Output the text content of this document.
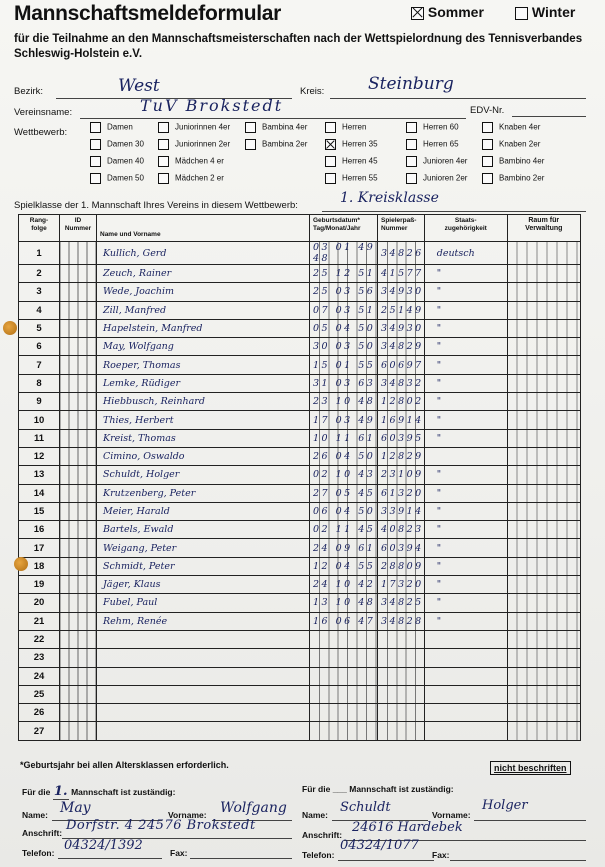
Mannschaftsmeldeformular	Sommer	Winter
für die Teilnahme an den Mannschaftsmeisterschaften nach der Wettspielordnung des Tennisverbandes Schleswig-Holstein e.V.
Bezirk:	West	Kreis:	Steinburg
Vereinsname:	TuV Brokstedt	EDV-Nr.
Wettbewerb:	Damen	Juniorinnen 4er	Bambina 4er	Herren	Herren 60	Knaben 4er
Damen 30	Juniorinnen 2er	Bambina 2er	Herren 35	Herren 65	Knaben 2er
Damen 40	Mädchen 4 er	Herren 45	Junioren 4er	Bambino 4er
Damen 50	Mädchen 2 er	Herren 55	Junioren 2er	Bambino 2er
Spielklasse der 1. Mannschaft Ihres Vereins in diesem Wettbewerb:	1. Kreisklasse
Rang-
folge	ID
Nummer	Name und Vorname	Geburtsdatum*
Tag/Monat/Jahr	Spielerpaß-
Nummer	Staats-
zugehörigkeit	Raum für
Verwaltung
1		Kullich, Gerd	03 01 49 48	34826	deutsch	
2		Zeuch, Rainer	25 12 51	41577	"	
3		Wede, Joachim	25 03 56	34930	"	
4		Zill, Manfred	07 03 51	25149	"	
5		Hapelstein, Manfred	05 04 50	34930	"	
6		May, Wolfgang	30 03 50	34829	"	
7		Roeper, Thomas	15 01 55	60697	"	
8		Lemke, Rüdiger	31 03 63	34832	"	
9		Hiebbusch, Reinhard	23 10 48	12802	"	
10		Thies, Herbert	17 03 49	16914	"	
11		Kreist, Thomas	10 11 61	60395	"	
12		Cimino, Oswaldo	26 04 50	12829		
13		Schuldt, Holger	02 10 43	23109	"	
14		Krutzenberg, Peter	27 05 45	61320	"	
15		Meier, Harald	06 04 50	33914	"	
16		Bartels, Ewald	02 11 45	40823	"	
17		Weigang, Peter	24 09 61	60394	"	
18		Schmidt, Peter	12 04 55	28809	"	
19		Jäger, Klaus	24 10 42	17320	"	
20		Fubel, Paul	13 10 48	34825	"	
21		Rehm, Renée	16 06 47	34828	"	
22						
23						
24						
25						
26						
27						
*Geburtsjahr bei allen Altersklassen erforderlich.	nicht beschriften
Für die 1. Mannschaft ist zuständig:	Für die ___ Mannschaft ist zuständig:
Name: May	Vorname: Wolfgang
Anschrift: Dorfstr. 4 24576 Brokstedt
Telefon: 04324/1392	Fax:
Name: Schuldt	Vorname:
Holger
Anschrift: 24616 Hardebek
Telefon:
04324/1077
Fax:
